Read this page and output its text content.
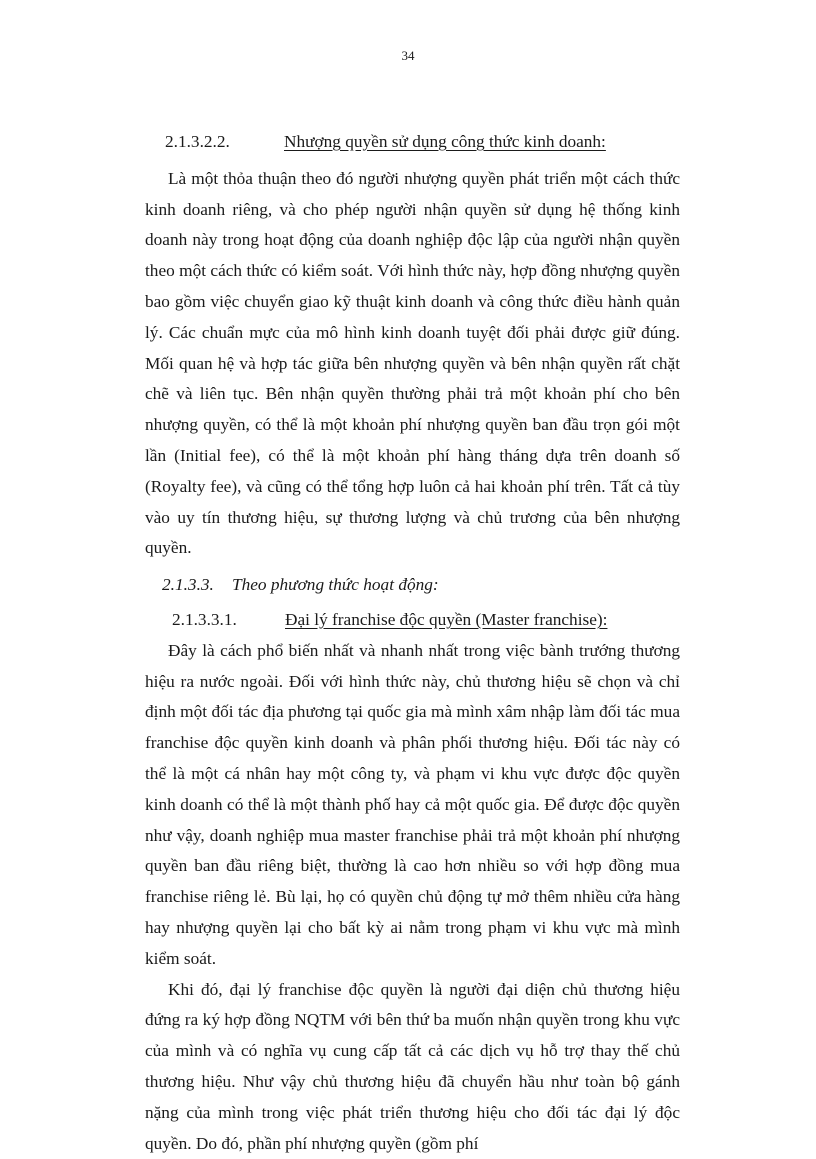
34
2.1.3.2.2.	Nhượng quyền sử dụng công thức kinh doanh:

Là một thỏa thuận theo đó người nhượng quyền phát triển một cách thức kinh doanh riêng, và cho phép người nhận quyền sử dụng hệ thống kinh doanh này trong hoạt động của doanh nghiệp độc lập của người nhận quyền theo một cách thức có kiểm soát. Với hình thức này, hợp đồng nhượng quyền bao gồm việc chuyển giao kỹ thuật kinh doanh và công thức điều hành quản lý. Các chuẩn mực của mô hình kinh doanh tuyệt đối phải được giữ đúng. Mối quan hệ và hợp tác giữa bên nhượng quyền và bên nhận quyền rất chặt chẽ và liên tục. Bên nhận quyền thường phải trả một khoản phí cho bên nhượng quyền, có thể là một khoản phí nhượng quyền ban đầu trọn gói một lần (Initial fee), có thể là một khoản phí hàng tháng dựa trên doanh số (Royalty fee), và cũng có thể tổng hợp luôn cả hai khoản phí trên. Tất cả tùy vào uy tín thương hiệu, sự thương lượng và chủ trương của bên nhượng quyền.

2.1.3.3. Theo phương thức hoạt động:
2.1.3.3.1.	Đại lý franchise độc quyền (Master franchise):

Đây là cách phổ biến nhất và nhanh nhất trong việc bành trướng thương hiệu ra nước ngoài. Đối với hình thức này, chủ thương hiệu sẽ chọn và chỉ định một đối tác địa phương tại quốc gia mà mình xâm nhập làm đối tác mua franchise độc quyền kinh doanh và phân phối thương hiệu. Đối tác này có thể là một cá nhân hay một công ty, và phạm vi khu vực được độc quyền kinh doanh có thể là một thành phố hay cả một quốc gia. Để được độc quyền như vậy, doanh nghiệp mua master franchise phải trả một khoản phí nhượng quyền ban đầu riêng biệt, thường là cao hơn nhiều so với hợp đồng mua franchise riêng lẻ. Bù lại, họ có quyền chủ động tự mở thêm nhiều cửa hàng hay nhượng quyền lại cho bất kỳ ai nằm trong phạm vi khu vực mà mình kiểm soát.

Khi đó, đại lý franchise độc quyền là người đại diện chủ thương hiệu đứng ra ký hợp đồng NQTM với bên thứ ba muốn nhận quyền trong khu vực của mình và có nghĩa vụ cung cấp tất cả các dịch vụ hỗ trợ thay thế chủ thương hiệu. Như vậy chủ thương hiệu đã chuyển hầu như toàn bộ gánh nặng của mình trong việc phát triển thương hiệu cho đối tác đại lý độc quyền. Do đó, phần phí nhượng quyền (gồm phí
